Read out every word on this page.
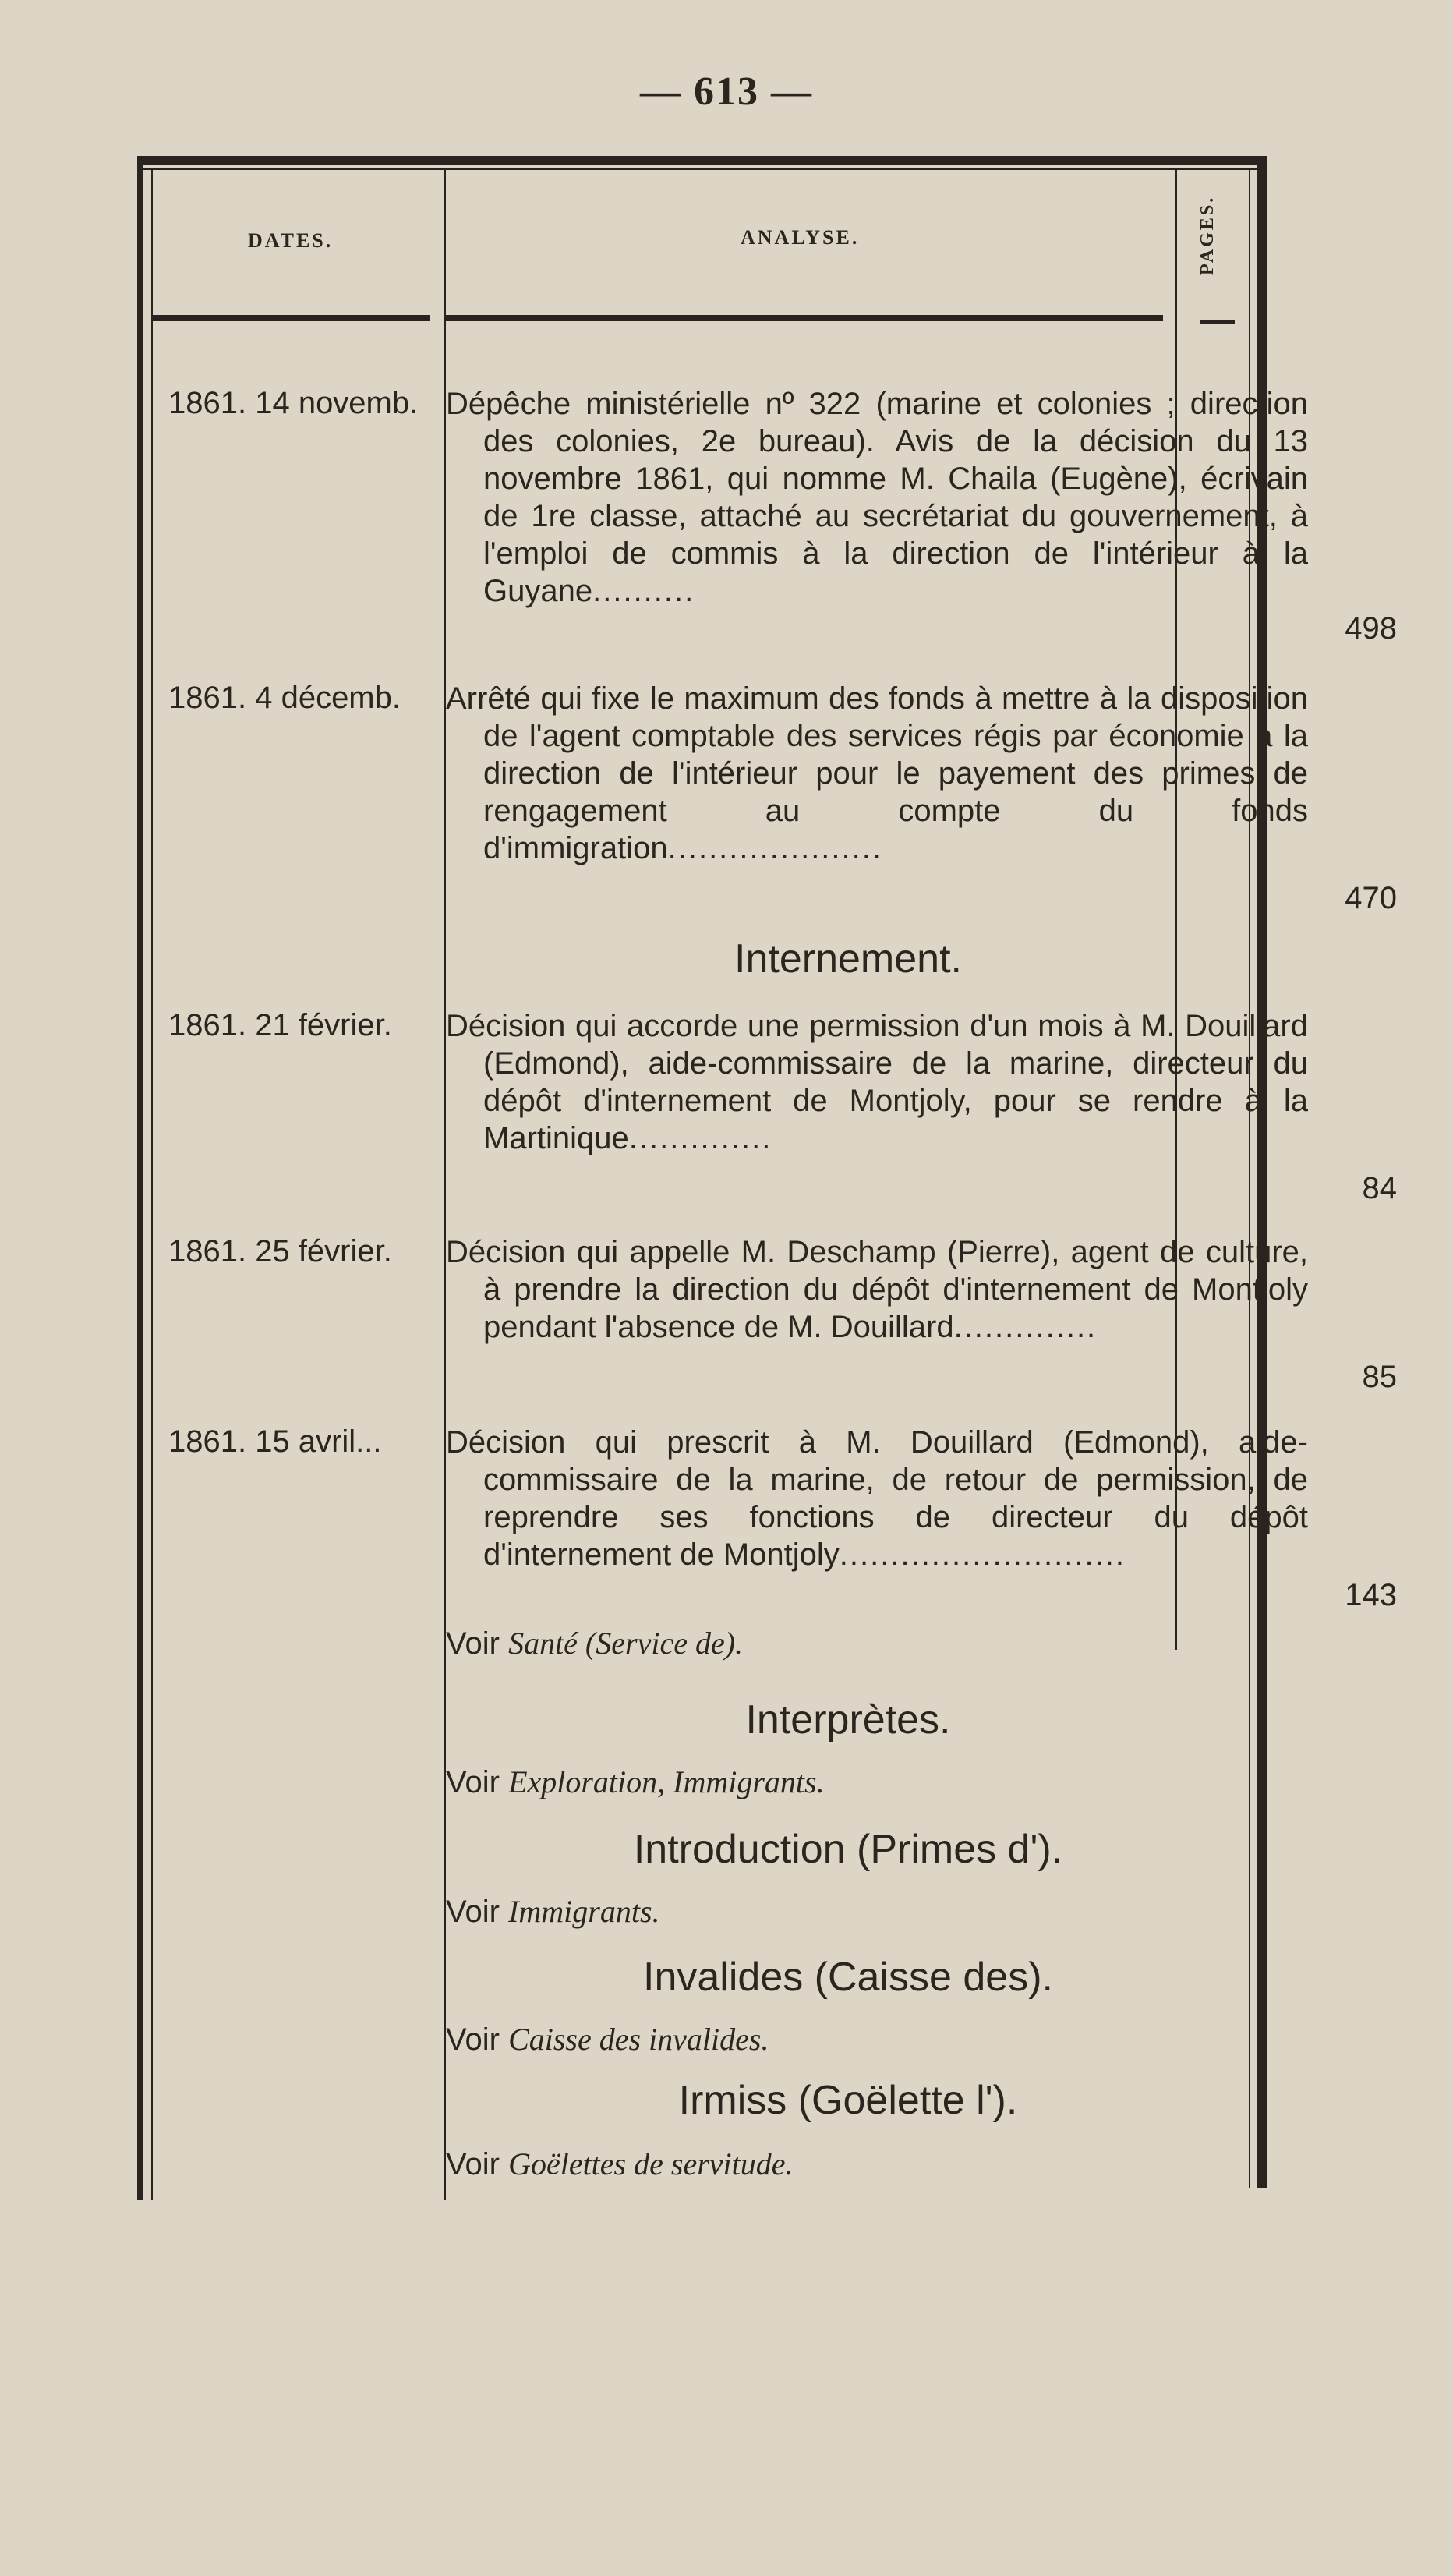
— 613 —
DATES.	ANALYSE.	PAGES.
1861. 14 novemb. Dépêche ministérielle nº 322 (marine et colonies ; direction des colonies, 2e bureau). Avis de la décision du 13 novembre 1861, qui nomme M. Chaila (Eugène), écrivain de 1re classe, attaché au secrétariat du gouvernement, à l'emploi de commis à la direction de l'intérieur à la Guyane..........
498
1861. 4 décemb.	Arrêté qui fixe le maximum des fonds à mettre à la disposition de l'agent comptable des services régis par économie à la direction de l'intérieur pour le payement des primes de rengagement au compte du fonds d'immigration.....................
470
Internement.
1861. 21 février.	Décision qui accorde une permission d'un mois à M. Douillard (Edmond), aide-commissaire de la marine, directeur du dépôt d'internement de Montjoly, pour se rendre à la Martinique..............
84
1861. 25 février.	Décision qui appelle M. Deschamp (Pierre), agent de culture, à prendre la direction du dépôt d'internement de Montjoly pendant l'absence de M. Douillard..............
85
1861. 15 avril...	Décision qui prescrit à M. Douillard (Edmond), aide-commissaire de la marine, de retour de permission, de reprendre ses fonctions de directeur du dépôt d'internement de Montjoly............................
143
Voir Santé (Service de).
Interprètes.
Voir Exploration, Immigrants.
Introduction (Primes d').
Voir Immigrants.
Invalides (Caisse des).
Voir Caisse des invalides.
Irmiss (Goëlette l').
Voir Goëlettes de servitude.
